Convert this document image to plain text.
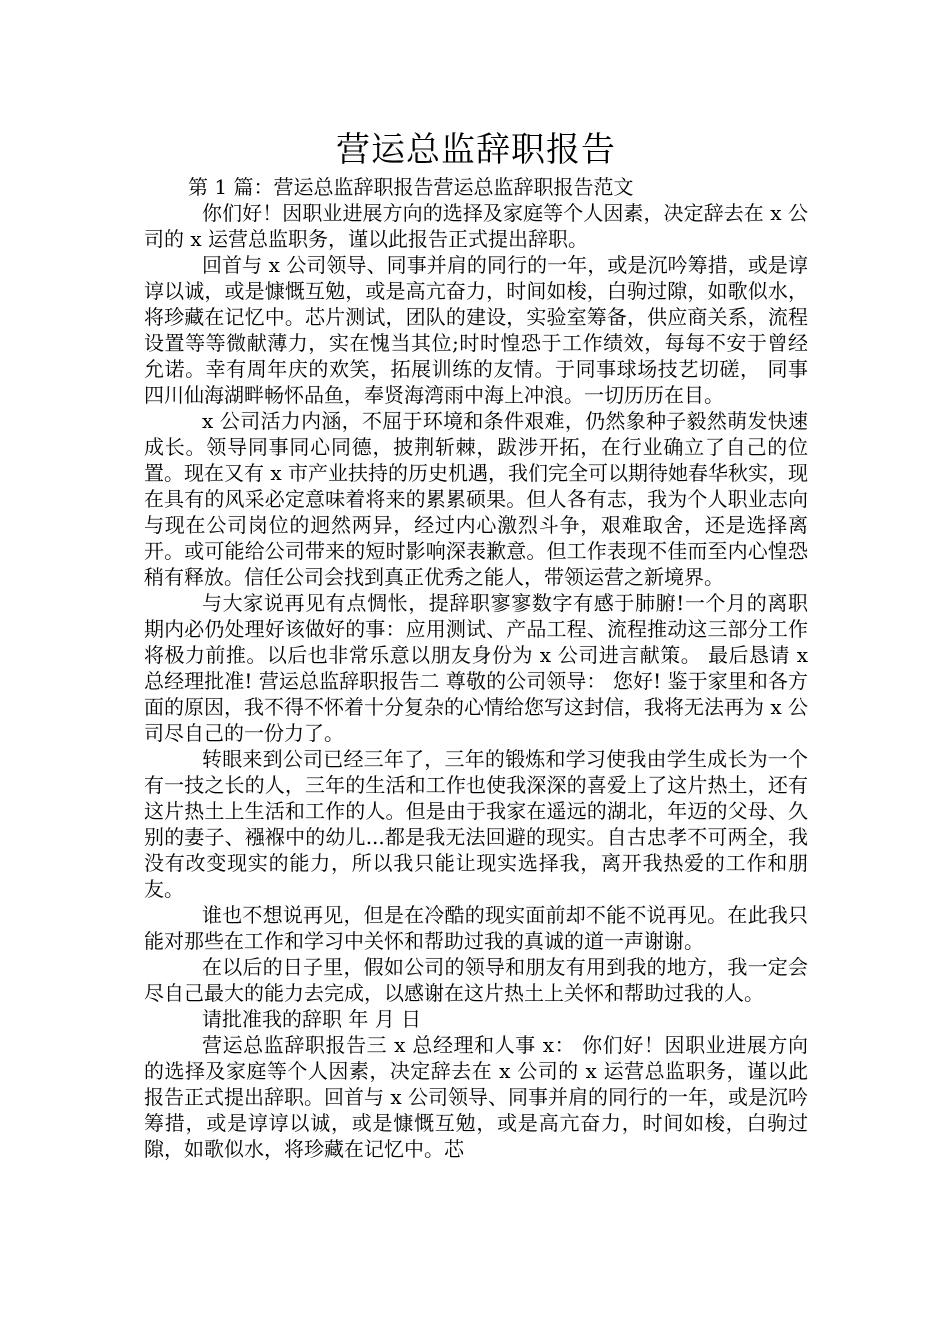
营运总监辞职报告

第 1 篇：营运总监辞职报告营运总监辞职报告范文

你们好！因职业进展方向的选择及家庭等个人因素，决定辞去在 x 公司的 x 运营总监职务，谨以此报告正式提出辞职。

回首与 x 公司领导、同事并肩的同行的一年，或是沉吟筹措，或是谆谆以诚，或是慷慨互勉，或是高亢奋力，时间如梭，白驹过隙，如歌似水，将珍藏在记忆中。芯片测试，团队的建设，实验室筹备，供应商关系，流程设置等等微献薄力，实在愧当其位;时时惶恐于工作绩效，每每不安于曾经允诺。幸有周年庆的欢笑，拓展训练的友情。于同事球场技艺切磋， 同事四川仙海湖畔畅怀品鱼，奉贤海湾雨中海上冲浪。一切历历在目。

x 公司活力内涵，不屈于环境和条件艰难，仍然象种子毅然萌发快速成长。领导同事同心同德，披荆斩棘，跋涉开拓，在行业确立了自己的位置。现在又有 x 市产业扶持的历史机遇，我们完全可以期待她春华秋实，现在具有的风采必定意味着将来的累累硕果。但人各有志，我为个人职业志向与现在公司岗位的迥然两异，经过内心激烈斗争，艰难取舍，还是选择离开。或可能给公司带来的短时影响深表歉意。但工作表现不佳而至内心惶恐稍有释放。信任公司会找到真正优秀之能人，带领运营之新境界。

与大家说再见有点惆怅，提辞职寥寥数字有感于肺腑!一个月的离职期内必仍处理好该做好的事：应用测试、产品工程、流程推动这三部分工作将极力前推。以后也非常乐意以朋友身份为 x 公司进言献策。 最后恳请 x 总经理批准! 营运总监辞职报告二 尊敬的公司领导： 您好! 鉴于家里和各方面的原因，我不得不怀着十分复杂的心情给您写这封信，我将无法再为 x 公司尽自己的一份力了。

转眼来到公司已经三年了，三年的锻炼和学习使我由学生成长为一个有一技之长的人，三年的生活和工作也使我深深的喜爱上了这片热土，还有这片热土上生活和工作的人。但是由于我家在遥远的湖北，年迈的父母、久别的妻子、襁褓中的幼儿...都是我无法回避的现实。自古忠孝不可两全，我没有改变现实的能力，所以我只能让现实选择我，离开我热爱的工作和朋友。

谁也不想说再见，但是在冷酷的现实面前却不能不说再见。在此我只能对那些在工作和学习中关怀和帮助过我的真诚的道一声谢谢。

在以后的日子里，假如公司的领导和朋友有用到我的地方，我一定会尽自己最大的能力去完成，以感谢在这片热土上关怀和帮助过我的人。

请批准我的辞职 年 月 日

营运总监辞职报告三 x 总经理和人事 x： 你们好！因职业进展方向的选择及家庭等个人因素，决定辞去在 x 公司的 x 运营总监职务，谨以此报告正式提出辞职。回首与 x 公司领导、同事并肩的同行的一年，或是沉吟筹措，或是谆谆以诚，或是慷慨互勉，或是高亢奋力，时间如梭，白驹过隙，如歌似水，将珍藏在记忆中。芯
